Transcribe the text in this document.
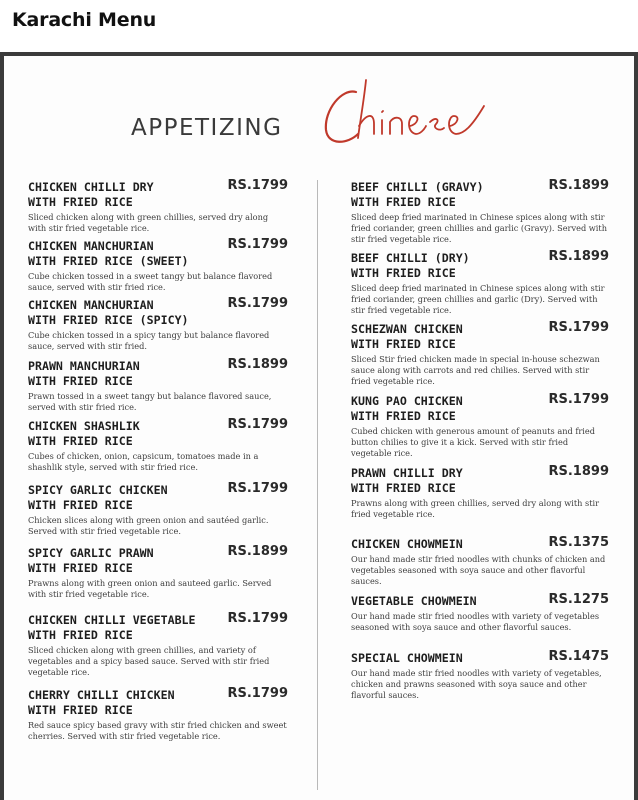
Karachi Menu
APPETIZING
Chinese
CHICKEN CHILLI DRY
WITH FRIED RICE
RS.1799
Sliced chicken along with green chillies, served dry along with stir fried vegetable rice.
CHICKEN MANCHURIAN
WITH FRIED RICE (SWEET)
RS.1799
Cube chicken tossed in a sweet tangy but balance flavored sauce, served with stir fried rice.
CHICKEN MANCHURIAN
WITH FRIED RICE (SPICY)
RS.1799
Cube chicken tossed in a spicy tangy but balance flavored sauce, served with stir fried.
PRAWN MANCHURIAN
WITH FRIED RICE
RS.1899
Prawn tossed in a sweet tangy but balance flavored sauce, served with stir fried rice.
CHICKEN SHASHLIK
WITH FRIED RICE
RS.1799
Cubes of chicken, onion, capsicum, tomatoes made in a shashlik style, served with stir fried rice.
SPICY GARLIC CHICKEN
WITH FRIED RICE
RS.1799
Chicken slices along with green onion and sautéed garlic. Served with stir fried vegetable rice.
SPICY GARLIC PRAWN
WITH FRIED RICE
RS.1899
Prawns along with green onion and sauteed garlic. Served with stir fried vegetable rice.
CHICKEN CHILLI VEGETABLE
WITH FRIED RICE
RS.1799
Sliced chicken along with green chillies, and variety of vegetables and a spicy based sauce. Served with stir fried vegetable rice.
CHERRY CHILLI CHICKEN
WITH FRIED RICE
RS.1799
Red sauce spicy based gravy with stir fried chicken and sweet cherries. Served with stir fried vegetable rice.
BEEF CHILLI (GRAVY)
WITH FRIED RICE
RS.1899
Sliced deep fried marinated in Chinese spices along with stir fried coriander, green chillies and garlic (Gravy). Served with stir fried vegetable rice.
BEEF CHILLI (DRY)
WITH FRIED RICE
RS.1899
Sliced deep fried marinated in Chinese spices along with stir fried coriander, green chillies and garlic (Dry). Served with stir fried vegetable rice.
SCHEZWAN CHICKEN
WITH FRIED RICE
RS.1799
Sliced Stir fried chicken made in special in-house schezwan sauce along with carrots and red chilies. Served with stir fried vegetable rice.
KUNG PAO CHICKEN
WITH FRIED RICE
RS.1799
Cubed chicken with generous amount of peanuts and fried button chilies to give it a kick. Served with stir fried vegetable rice.
PRAWN CHILLI DRY
WITH FRIED RICE
RS.1899
Prawns along with green chillies, served dry along with stir fried vegetable rice.
CHICKEN CHOWMEIN	RS.1375
Our hand made stir fried noodles with chunks of chicken and vegetables seasoned with soya sauce and other flavorful sauces.
VEGETABLE CHOWMEIN	RS.1275
Our hand made stir fried noodles with variety of vegetables seasoned with soya sauce and other flavorful sauces.
SPECIAL CHOWMEIN	RS.1475
Our hand made stir fried noodles with variety of vegetables, chicken and prawns seasoned with soya sauce and other flavorful sauces.
